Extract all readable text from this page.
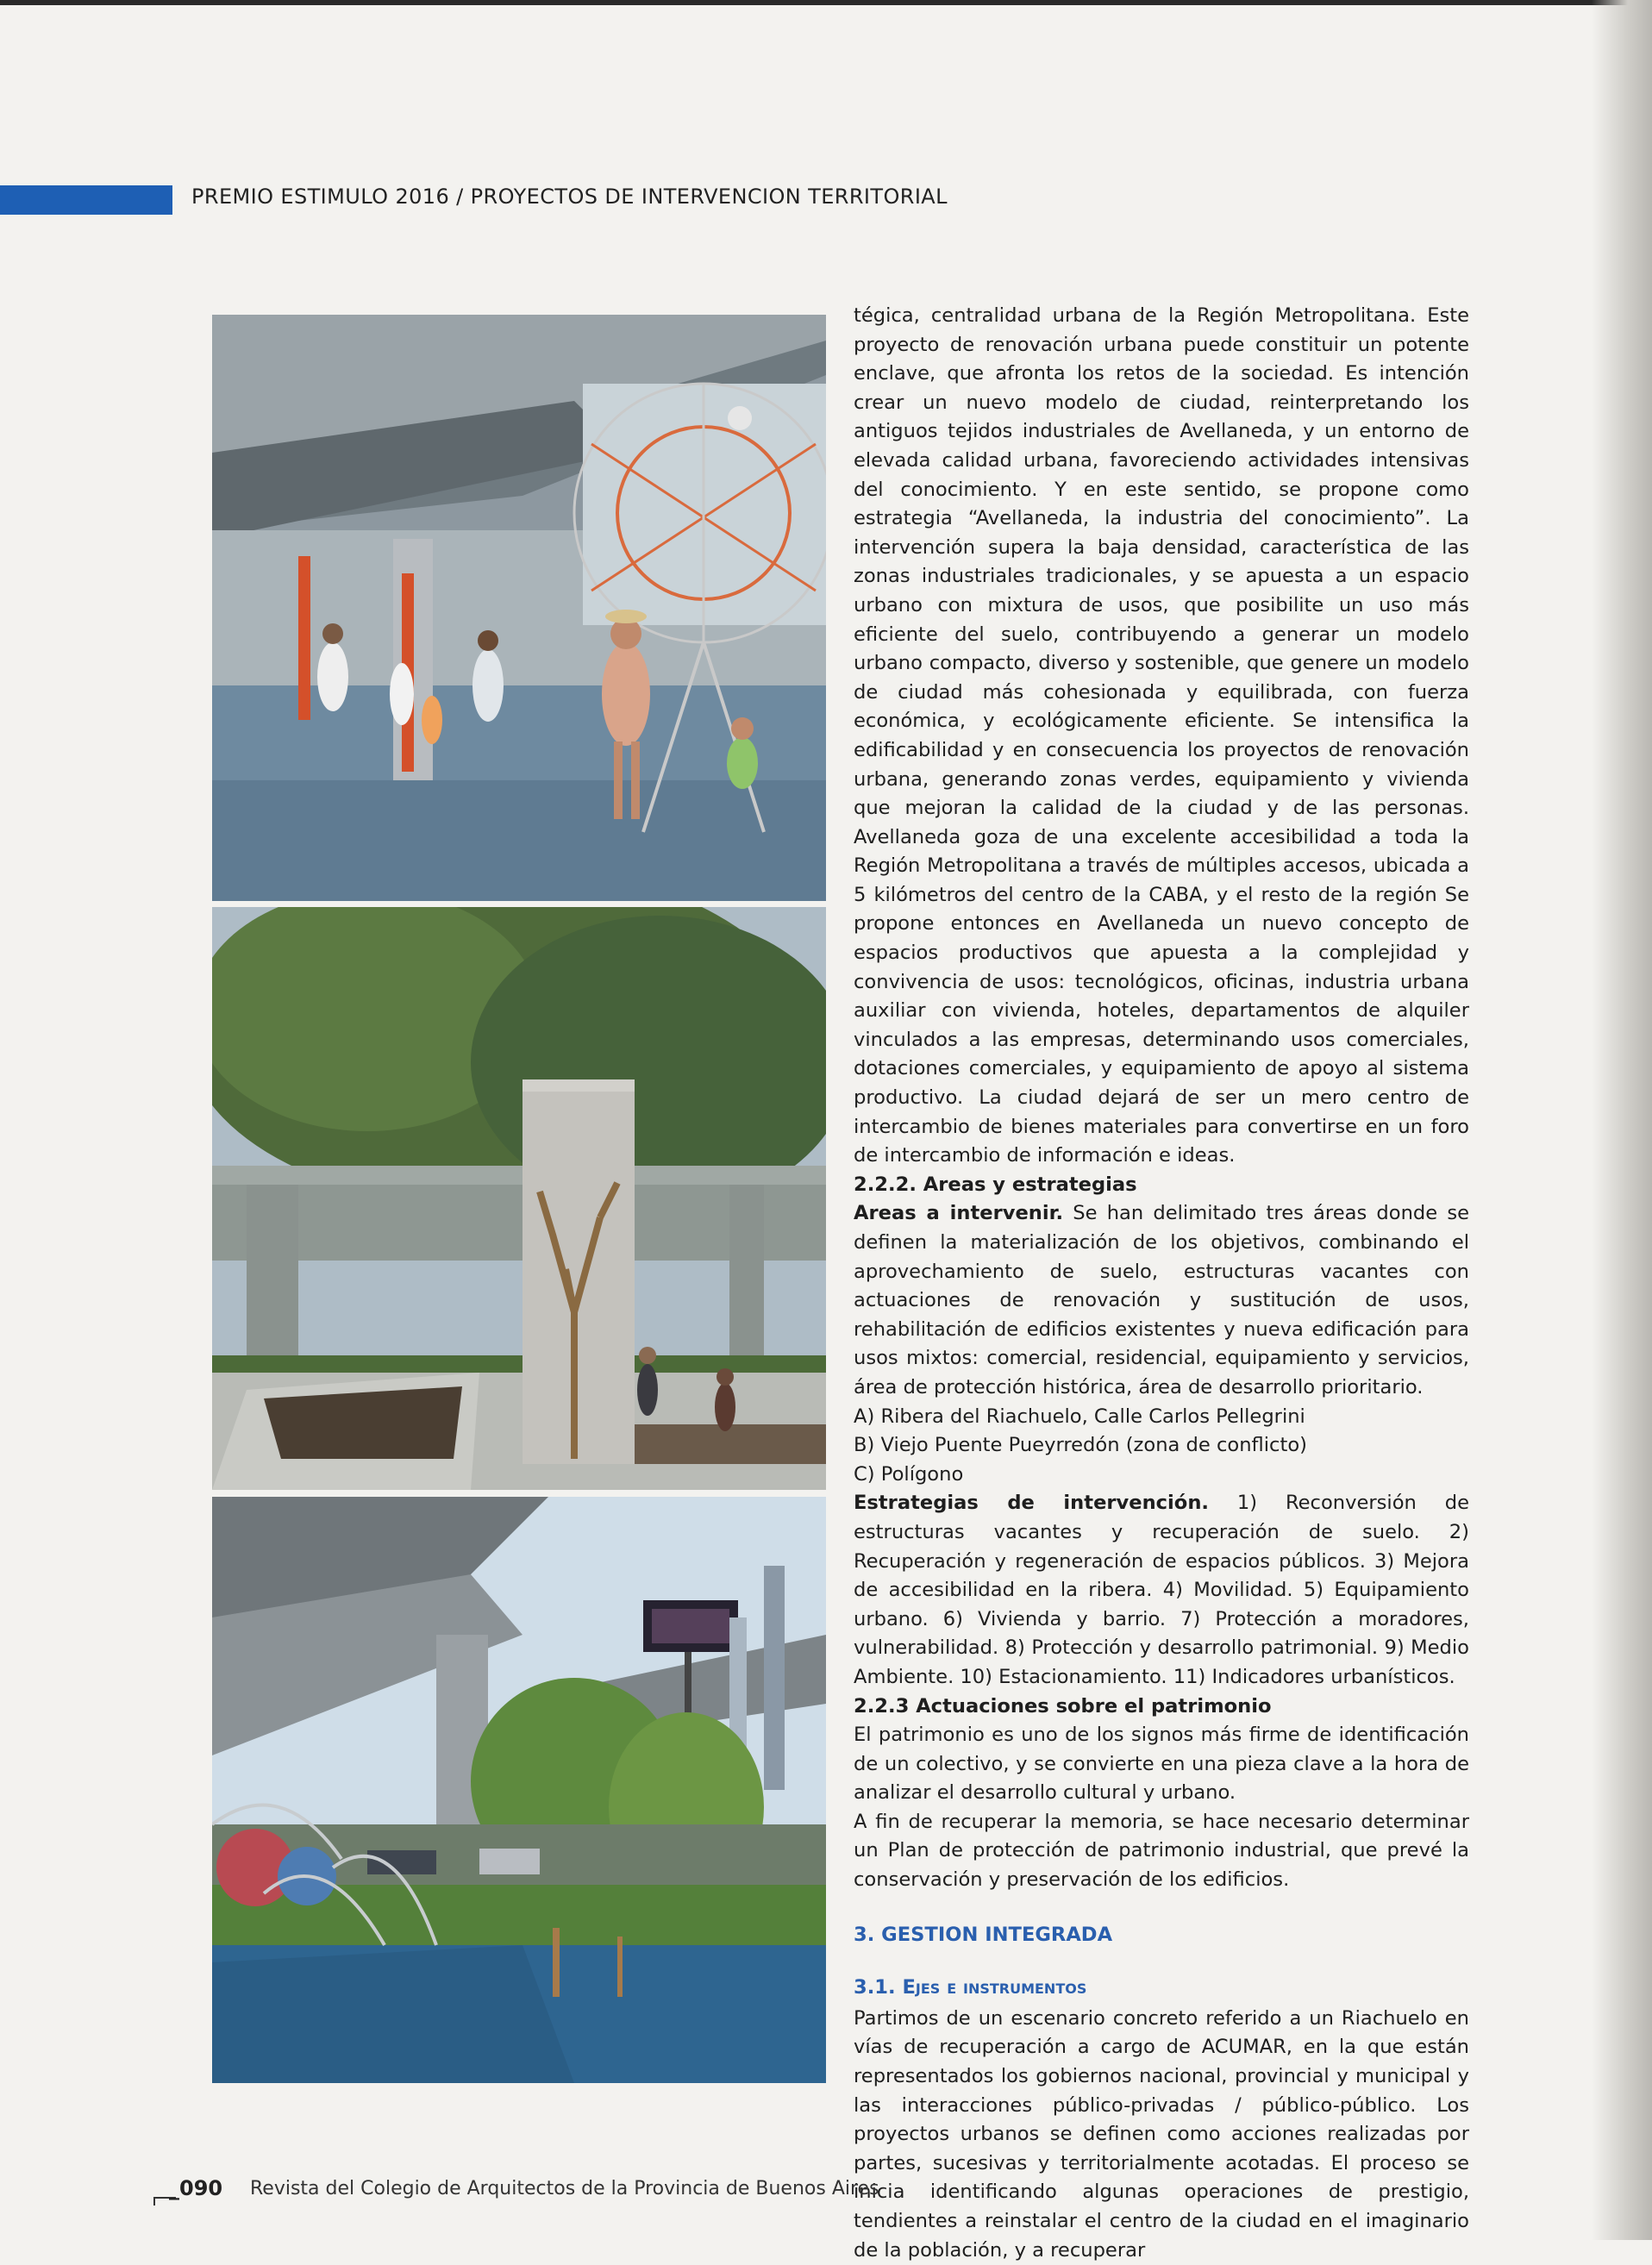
PREMIO ESTIMULO 2016 / PROYECTOS DE INTERVENCION TERRITORIAL

tégica, centralidad urbana de la Región Metropolitana. Este proyecto de renovación urbana puede constituir un potente enclave, que afronta los retos de la sociedad. Es intención crear un nuevo modelo de ciudad, reinterpretando los antiguos tejidos industriales de Avellaneda, y un entorno de elevada calidad urbana, favoreciendo actividades intensivas del conocimiento. Y en este sentido, se propone como estrategia “Avellaneda, la industria del conocimiento”. La intervención supera la baja densidad, característica de las zonas industriales tradicionales, y se apuesta a un espacio urbano con mixtura de usos, que posibilite un uso más eficiente del suelo, contribuyendo a generar un modelo urbano compacto, diverso y sostenible, que genere un modelo de ciudad más cohesionada y equilibrada, con fuerza económica, y ecológicamente eficiente. Se intensifica la edificabilidad y en consecuencia los proyectos de renovación urbana, generando zonas verdes, equipamiento y vivienda que mejoran la calidad de la ciudad y de las personas. Avellaneda goza de una excelente accesibilidad a toda la Región Metropolitana a través de múltiples accesos, ubicada a 5 kilómetros del centro de la CABA, y el resto de la región Se propone entonces en Avellaneda un nuevo concepto de espacios productivos que apuesta a la complejidad y convivencia de usos: tecnológicos, oficinas, industria urbana auxiliar con vivienda, hoteles, departamentos de alquiler vinculados a las empresas, determinando usos comerciales, dotaciones comerciales, y equipamiento de apoyo al sistema productivo. La ciudad dejará de ser un mero centro de intercambio de bienes materiales para convertirse en un foro de intercambio de información e ideas.

2.2.2. Areas y estrategias

Areas a intervenir. Se han delimitado tres áreas donde se definen la materialización de los objetivos, combinando el aprovechamiento de suelo, estructuras vacantes con actuaciones de renovación y sustitución de usos, rehabilitación de edificios existentes y nueva edificación para usos mixtos: comercial, residencial, equipamiento y servicios, área de protección histórica, área de desarrollo prioritario.

A) Ribera del Riachuelo, Calle Carlos Pellegrini

B) Viejo Puente Pueyrredón (zona de conflicto)

C) Polígono

Estrategias de intervención. 1) Reconversión de estructuras vacantes y recuperación de suelo. 2) Recuperación y regeneración de espacios públicos. 3) Mejora de accesibilidad en la ribera. 4) Movilidad. 5) Equipamiento urbano. 6) Vivienda y barrio. 7) Protección a moradores, vulnerabilidad. 8) Protección y desarrollo patrimonial. 9) Medio Ambiente. 10) Estacionamiento. 11) Indicadores urbanísticos.

2.2.3 Actuaciones sobre el patrimonio

El patrimonio es uno de los signos más firme de identificación de un colectivo, y se convierte en una pieza clave a la hora de analizar el desarrollo cultural y urbano.

A fin de recuperar la memoria, se hace necesario determinar un Plan de protección de patrimonio industrial, que prevé la conservación y preservación de los edificios.

3. GESTION INTEGRADA

3.1. Ejes e instrumentos

Partimos de un escenario concreto referido a un Riachuelo en vías de recuperación a cargo de ACUMAR, en la que están representados los gobiernos nacional, provincial y municipal y las interacciones público-privadas / público-público. Los proyectos urbanos se definen como acciones realizadas por partes, sucesivas y territorialmente acotadas. El proceso se inicia identificando algunas operaciones de prestigio, tendientes a reinstalar el centro de la ciudad en el imaginario de la población, y a recuperar

_090 Revista del Colegio de Arquitectos de la Provincia de Buenos Aires
